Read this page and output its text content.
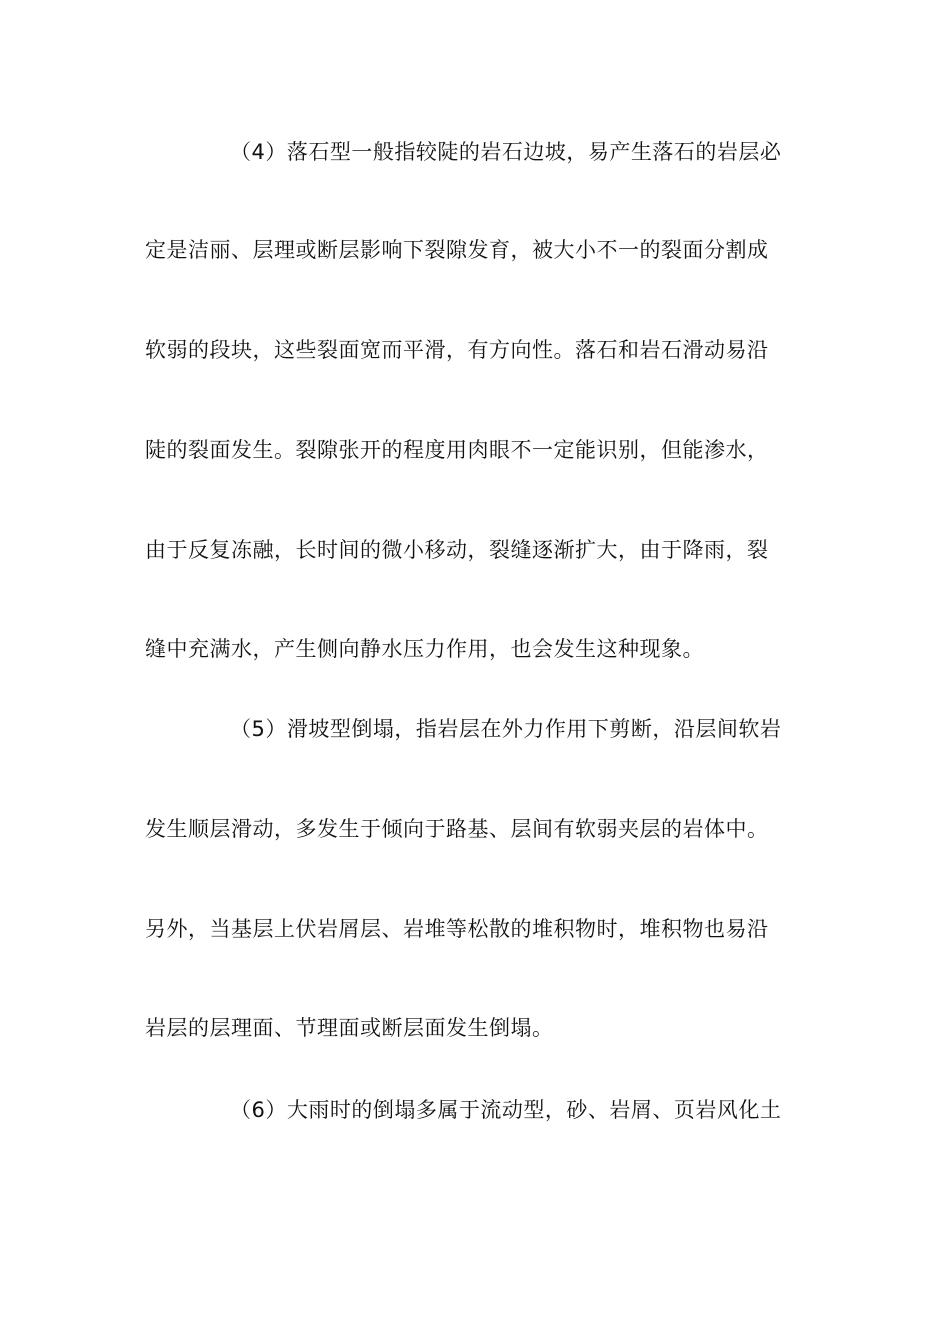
（4）落石型一般指较陡的岩石边坡，易产生落石的岩层必
定是洁丽、层理或断层影响下裂隙发育，被大小不一的裂面分割成
软弱的段块，这些裂面宽而平滑，有方向性。落石和岩石滑动易沿
陡的裂面发生。裂隙张开的程度用肉眼不一定能识别，但能渗水，
由于反复冻融，长时间的微小移动，裂缝逐渐扩大，由于降雨，裂
缝中充满水，产生侧向静水压力作用，也会发生这种现象。
（5）滑坡型倒塌，指岩层在外力作用下剪断，沿层间软岩
发生顺层滑动，多发生于倾向于路基、层间有软弱夹层的岩体中。
另外，当基层上伏岩屑层、岩堆等松散的堆积物时，堆积物也易沿
岩层的层理面、节理面或断层面发生倒塌。
（6）大雨时的倒塌多属于流动型，砂、岩屑、页岩风化土
